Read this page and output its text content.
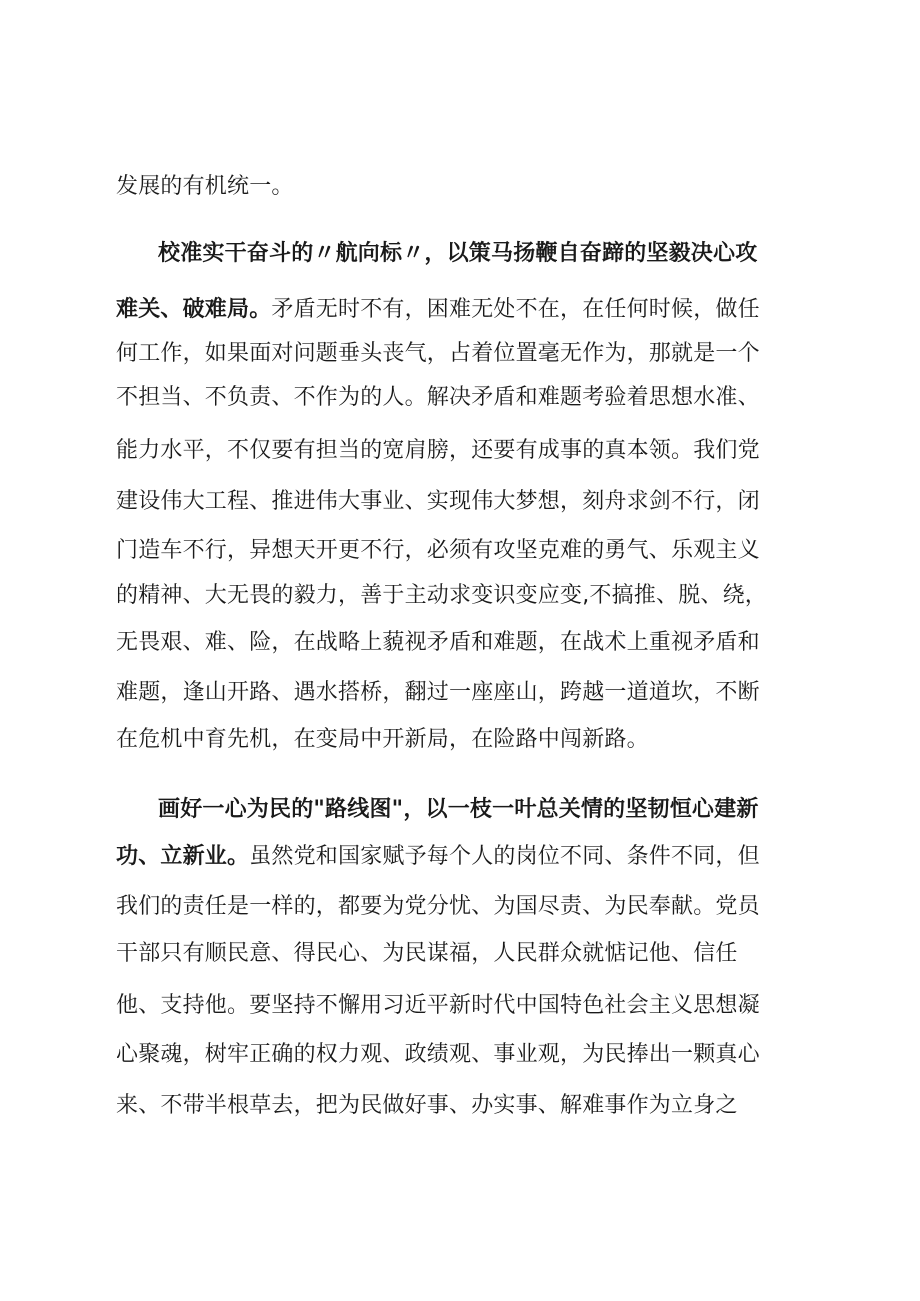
发展的有机统一。
校准实干奋斗的〃航向标〃，以策马扬鞭自奋蹄的坚毅决心攻
难关、破难局。矛盾无时不有，困难无处不在，在任何时候，做任
何工作，如果面对问题垂头丧气，占着位置毫无作为，那就是一个
不担当、不负责、不作为的人。解决矛盾和难题考验着思想水准、
能力水平，不仅要有担当的宽肩膀，还要有成事的真本领。我们党
建设伟大工程、推进伟大事业、实现伟大梦想，刻舟求剑不行，闭
门造车不行，异想天开更不行，必须有攻坚克难的勇气、乐观主义
的精神、大无畏的毅力，善于主动求变识变应变,不搞推、脱、绕，
无畏艰、难、险，在战略上藐视矛盾和难题，在战术上重视矛盾和
难题，逢山开路、遇水搭桥，翻过一座座山，跨越一道道坎，不断
在危机中育先机，在变局中开新局，在险路中闯新路。
画好一心为民的"路线图"，以一枝一叶总关情的坚韧恒心建新
功、立新业。虽然党和国家赋予每个人的岗位不同、条件不同，但
我们的责任是一样的，都要为党分忧、为国尽责、为民奉献。党员
干部只有顺民意、得民心、为民谋福，人民群众就惦记他、信任
他、支持他。要坚持不懈用习近平新时代中国特色社会主义思想凝
心聚魂，树牢正确的权力观、政绩观、事业观，为民捧出一颗真心
来、不带半根草去，把为民做好事、办实事、解难事作为立身之
